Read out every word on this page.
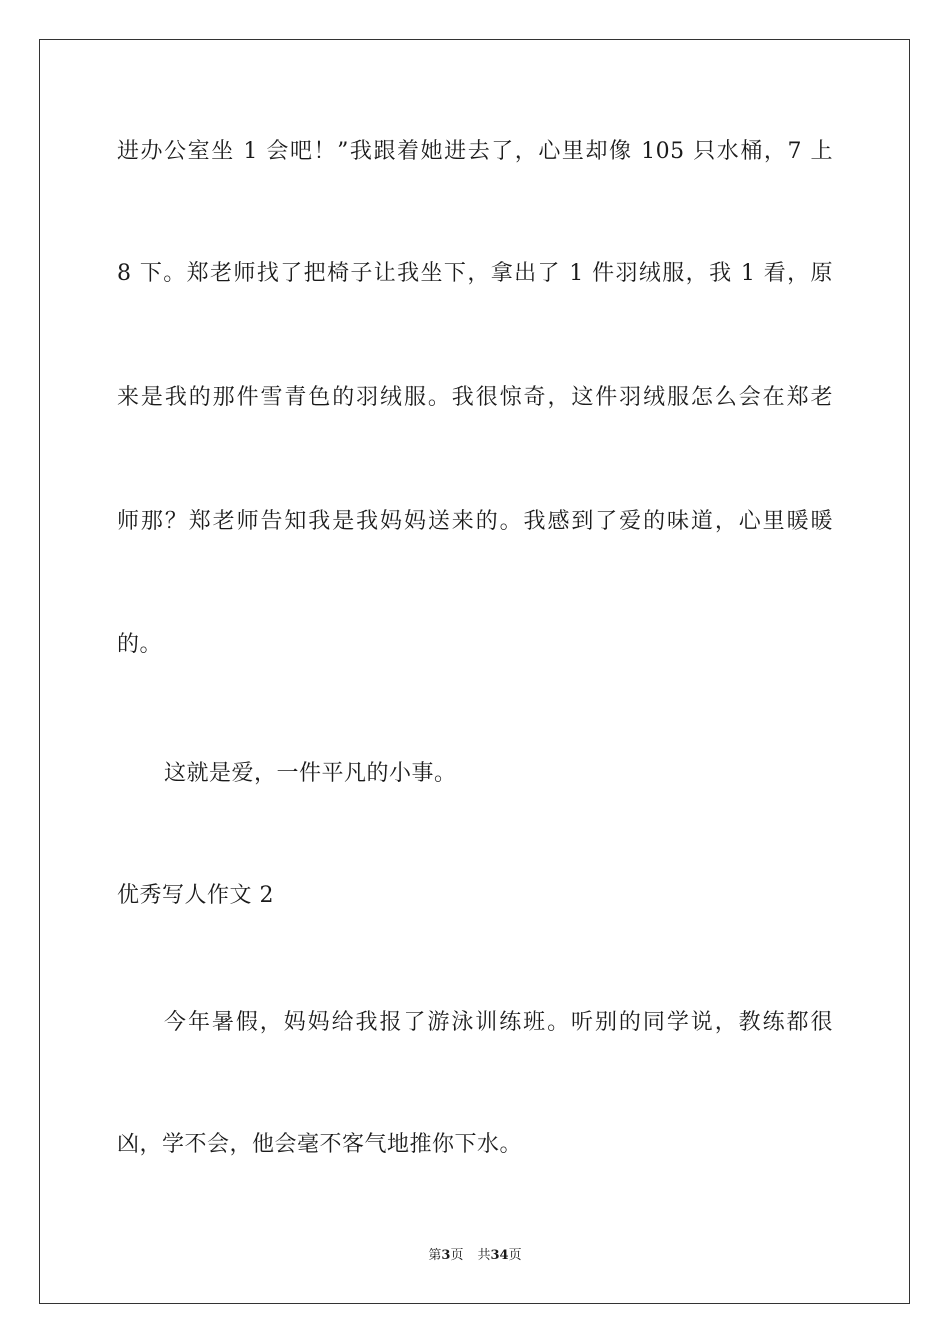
进办公室坐 1 会吧！”我跟着她进去了，心里却像 105 只水桶，7 上
8 下。郑老师找了把椅子让我坐下，拿出了 1 件羽绒服，我 1 看，原
来是我的那件雪青色的羽绒服。我很惊奇，这件羽绒服怎么会在郑老
师那？郑老师告知我是我妈妈送来的。我感到了爱的味道，心里暖暖
的。
这就是爱，一件平凡的小事。
优秀写人作文 2
今年暑假，妈妈给我报了游泳训练班。听别的同学说，教练都很
凶，学不会，他会毫不客气地推你下水。
第3页 共34页
